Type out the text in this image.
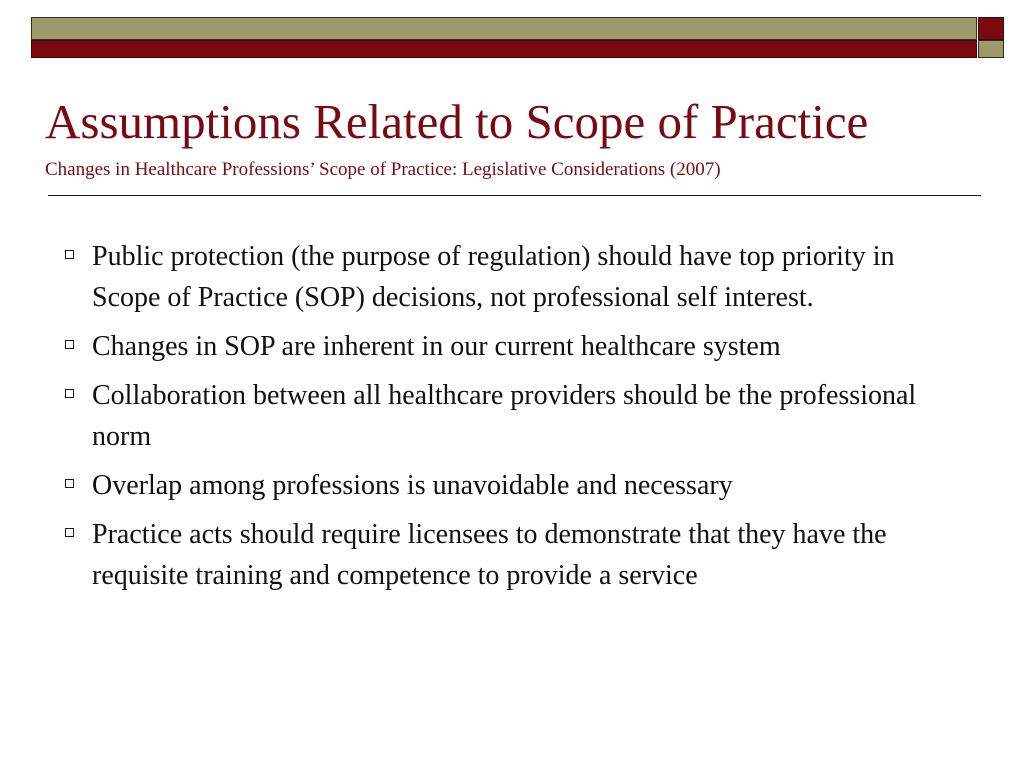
Assumptions Related to Scope of Practice

Changes in Healthcare Professions’ Scope of Practice: Legislative Considerations (2007)

Public protection (the purpose of regulation) should have top priority in Scope of Practice (SOP) decisions, not professional self interest.
Changes in SOP are inherent in our current healthcare system
Collaboration between all healthcare providers should be the professional norm
Overlap among professions is unavoidable and necessary
Practice acts should require licensees to demonstrate that they have the requisite training and competence to provide a service
